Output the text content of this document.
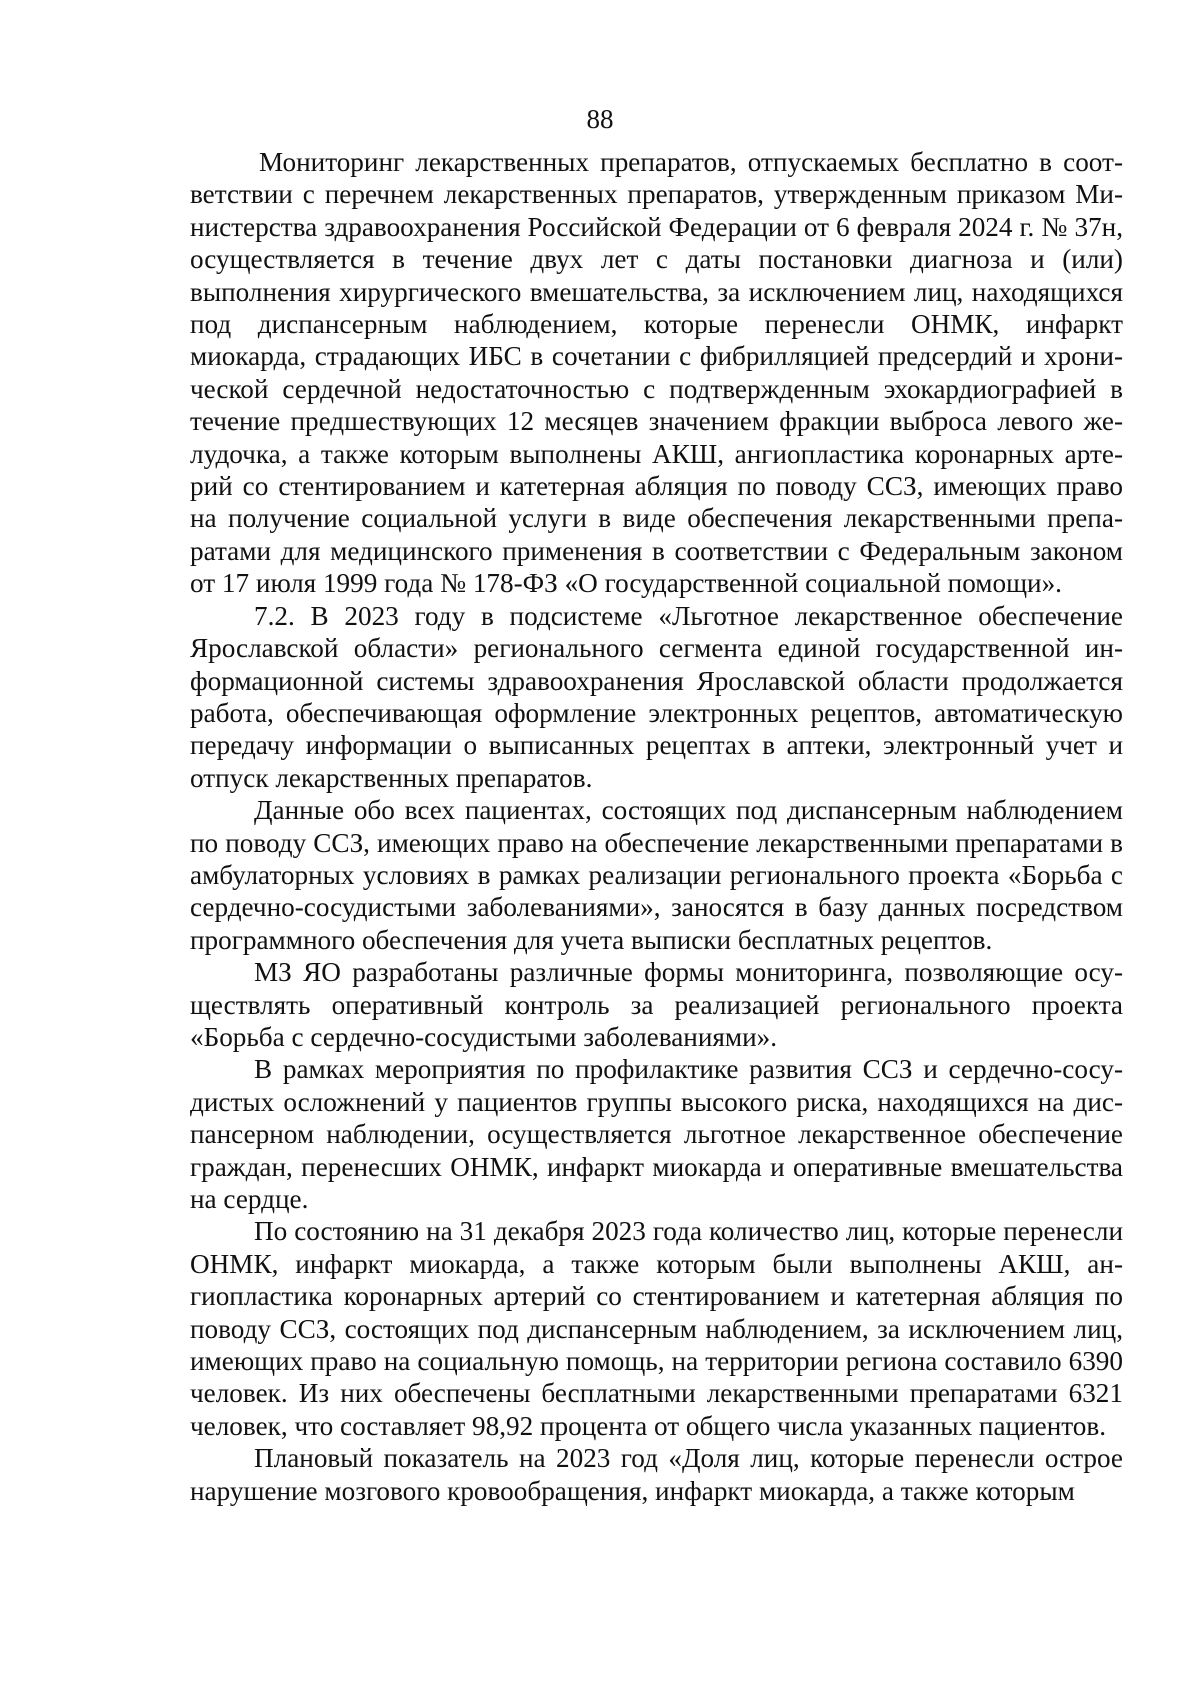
88

Мониторинг лекарственных препаратов, отпускаемых бесплатно в соответствии с перечнем лекарственных препаратов, утвержденным приказом Министерства здравоохранения Российской Федерации от 6 февраля 2024 г. № 37н, осуществляется в течение двух лет с даты постановки диагноза и (или) выполнения хирургического вмешательства, за исключением лиц, находящихся под диспансерным наблюдением, которые перенесли ОНМК, инфаркт миокарда, страдающих ИБС в сочетании с фибрилляцией предсердий и хронической сердечной недостаточностью с подтвержденным эхокардиографией в течение предшествующих 12 месяцев значением фракции выброса левого желудочка, а также которым выполнены АКШ, ангиопластика коронарных артерий со стентированием и катетерная абляция по поводу ССЗ, имеющих право на получение социальной услуги в виде обеспечения лекарственными препаратами для медицинского применения в соответствии с Федеральным законом от 17 июля 1999 года № 178-ФЗ «О государственной социальной помощи».

7.2. В 2023 году в подсистеме «Льготное лекарственное обеспечение Ярославской области» регионального сегмента единой государственной информационной системы здравоохранения Ярославской области продолжается работа, обеспечивающая оформление электронных рецептов, автоматическую передачу информации о выписанных рецептах в аптеки, электронный учет и отпуск лекарственных препаратов.

Данные обо всех пациентах, состоящих под диспансерным наблюдением по поводу ССЗ, имеющих право на обеспечение лекарственными препаратами в амбулаторных условиях в рамках реализации регионального проекта «Борьба с сердечно-сосудистыми заболеваниями», заносятся в базу данных посредством программного обеспечения для учета выписки бесплатных рецептов.

МЗ ЯО разработаны различные формы мониторинга, позволяющие осуществлять оперативный контроль за реализацией регионального проекта «Борьба с сердечно-сосудистыми заболеваниями».

В рамках мероприятия по профилактике развития ССЗ и сердечно-сосудистых осложнений у пациентов группы высокого риска, находящихся на диспансерном наблюдении, осуществляется льготное лекарственное обеспечение граждан, перенесших ОНМК, инфаркт миокарда и оперативные вмешательства на сердце.

По состоянию на 31 декабря 2023 года количество лиц, которые перенесли ОНМК, инфаркт миокарда, а также которым были выполнены АКШ, ангиопластика коронарных артерий со стентированием и катетерная абляция по поводу ССЗ, состоящих под диспансерным наблюдением, за исключением лиц, имеющих право на социальную помощь, на территории региона составило 6390 человек. Из них обеспечены бесплатными лекарственными препаратами 6321 человек, что составляет 98,92 процента от общего числа указанных пациентов.

Плановый показатель на 2023 год «Доля лиц, которые перенесли острое нарушение мозгового кровообращения, инфаркт миокарда, а также которым
